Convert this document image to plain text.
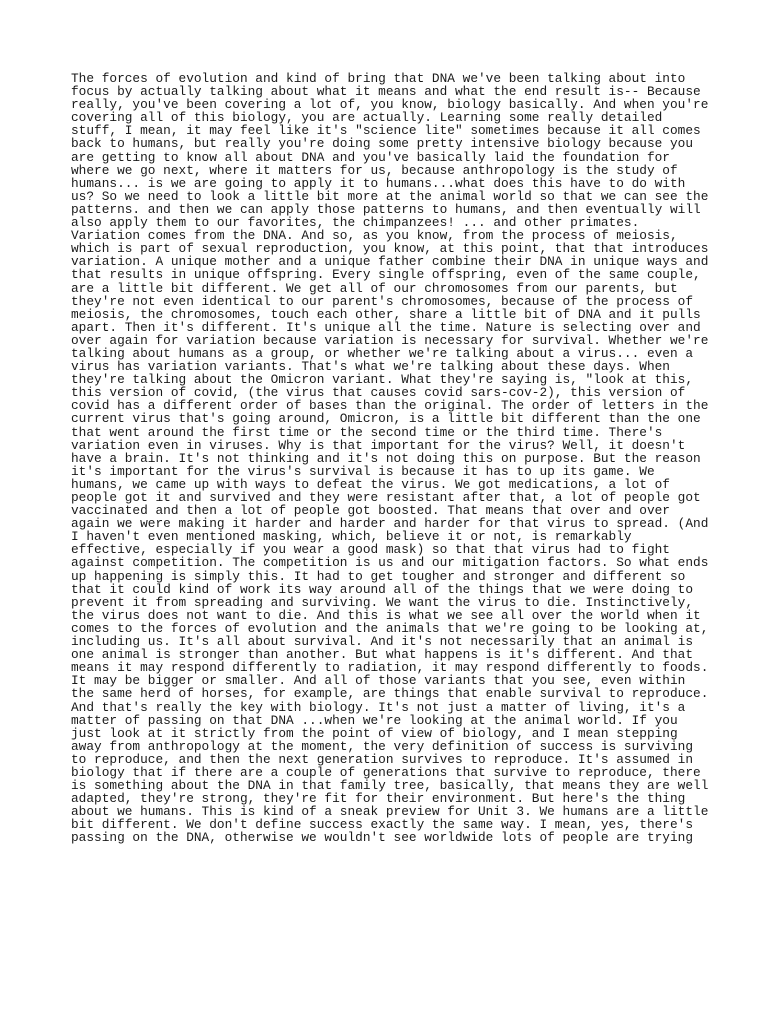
The forces of evolution and kind of bring that DNA we've been talking about into
focus by actually talking about what it means and what the end result is-- Because
really, you've been covering a lot of, you know, biology basically. And when you're
covering all of this biology, you are actually. Learning some really detailed
stuff, I mean, it may feel like it's "science lite" sometimes because it all comes
back to humans, but really you're doing some pretty intensive biology because you
are getting to know all about DNA and you've basically laid the foundation for
where we go next, where it matters for us, because anthropology is the study of
humans... is we are going to apply it to humans...what does this have to do with
us? So we need to look a little bit more at the animal world so that we can see the
patterns. and then we can apply those patterns to humans, and then eventually will
also apply them to our favorites, the chimpanzees! ... and other primates.
Variation comes from the DNA. And so, as you know, from the process of meiosis,
which is part of sexual reproduction, you know, at this point, that that introduces
variation. A unique mother and a unique father combine their DNA in unique ways and
that results in unique offspring. Every single offspring, even of the same couple,
are a little bit different. We get all of our chromosomes from our parents, but
they're not even identical to our parent's chromosomes, because of the process of
meiosis, the chromosomes, touch each other, share a little bit of DNA and it pulls
apart. Then it's different. It's unique all the time. Nature is selecting over and
over again for variation because variation is necessary for survival. Whether we're
talking about humans as a group, or whether we're talking about a virus... even a
virus has variation variants. That's what we're talking about these days. When
they're talking about the Omicron variant. What they're saying is, "look at this,
this version of covid, (the virus that causes covid sars-cov-2), this version of
covid has a different order of bases than the original. The order of letters in the
current virus that's going around, Omicron, is a little bit different than the one
that went around the first time or the second time or the third time. There's
variation even in viruses. Why is that important for the virus? Well, it doesn't
have a brain. It's not thinking and it's not doing this on purpose. But the reason
it's important for the virus's survival is because it has to up its game. We
humans, we came up with ways to defeat the virus. We got medications, a lot of
people got it and survived and they were resistant after that, a lot of people got
vaccinated and then a lot of people got boosted. That means that over and over
again we were making it harder and harder and harder for that virus to spread. (And
I haven't even mentioned masking, which, believe it or not, is remarkably
effective, especially if you wear a good mask) so that that virus had to fight
against competition. The competition is us and our mitigation factors. So what ends
up happening is simply this. It had to get tougher and stronger and different so
that it could kind of work its way around all of the things that we were doing to
prevent it from spreading and surviving. We want the virus to die. Instinctively,
the virus does not want to die. And this is what we see all over the world when it
comes to the forces of evolution and the animals that we're going to be looking at,
including us. It's all about survival. And it's not necessarily that an animal is
one animal is stronger than another. But what happens is it's different. And that
means it may respond differently to radiation, it may respond differently to foods.
It may be bigger or smaller. And all of those variants that you see, even within
the same herd of horses, for example, are things that enable survival to reproduce.
And that's really the key with biology. It's not just a matter of living, it's a
matter of passing on that DNA ...when we're looking at the animal world. If you
just look at it strictly from the point of view of biology, and I mean stepping
away from anthropology at the moment, the very definition of success is surviving
to reproduce, and then the next generation survives to reproduce. It's assumed in
biology that if there are a couple of generations that survive to reproduce, there
is something about the DNA in that family tree, basically, that means they are well
adapted, they're strong, they're fit for their environment. But here's the thing
about we humans. This is kind of a sneak preview for Unit 3. We humans are a little
bit different. We don't define success exactly the same way. I mean, yes, there's
passing on the DNA, otherwise we wouldn't see worldwide lots of people are trying
